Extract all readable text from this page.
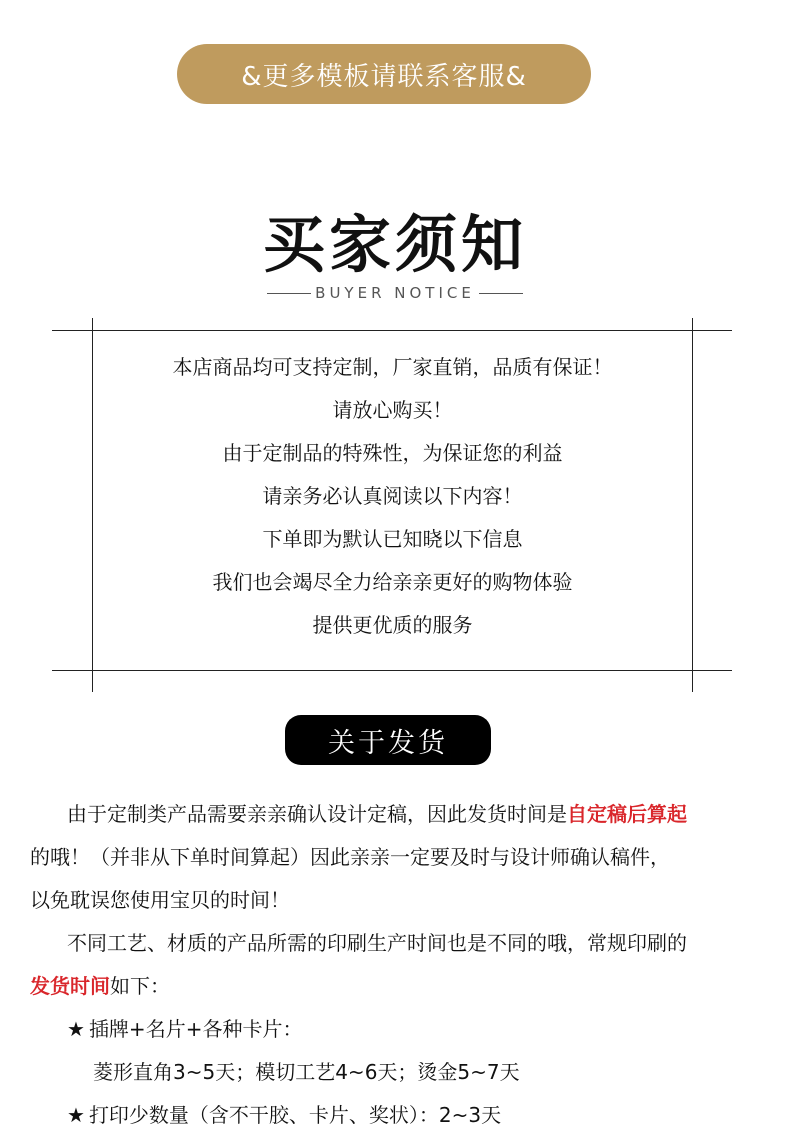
&更多模板请联系客服&
买家须知
BUYER NOTICE
本店商品均可支持定制，厂家直销，品质有保证！
请放心购买！
由于定制品的特殊性，为保证您的利益
请亲务必认真阅读以下内容！
下单即为默认已知晓以下信息
我们也会竭尽全力给亲亲更好的购物体验
提供更优质的服务
关于发货
由于定制类产品需要亲亲确认设计定稿，因此发货时间是自定稿后算起
的哦！（并非从下单时间算起）因此亲亲一定要及时与设计师确认稿件，
以免耽误您使用宝贝的时间！
不同工艺、材质的产品所需的印刷生产时间也是不同的哦，常规印刷的
发货时间如下：
★ 插牌+名片+各种卡片：
菱形直角3~5天；模切工艺4~6天；烫金5~7天
★ 打印少数量（含不干胶、卡片、奖状）：2~3天
